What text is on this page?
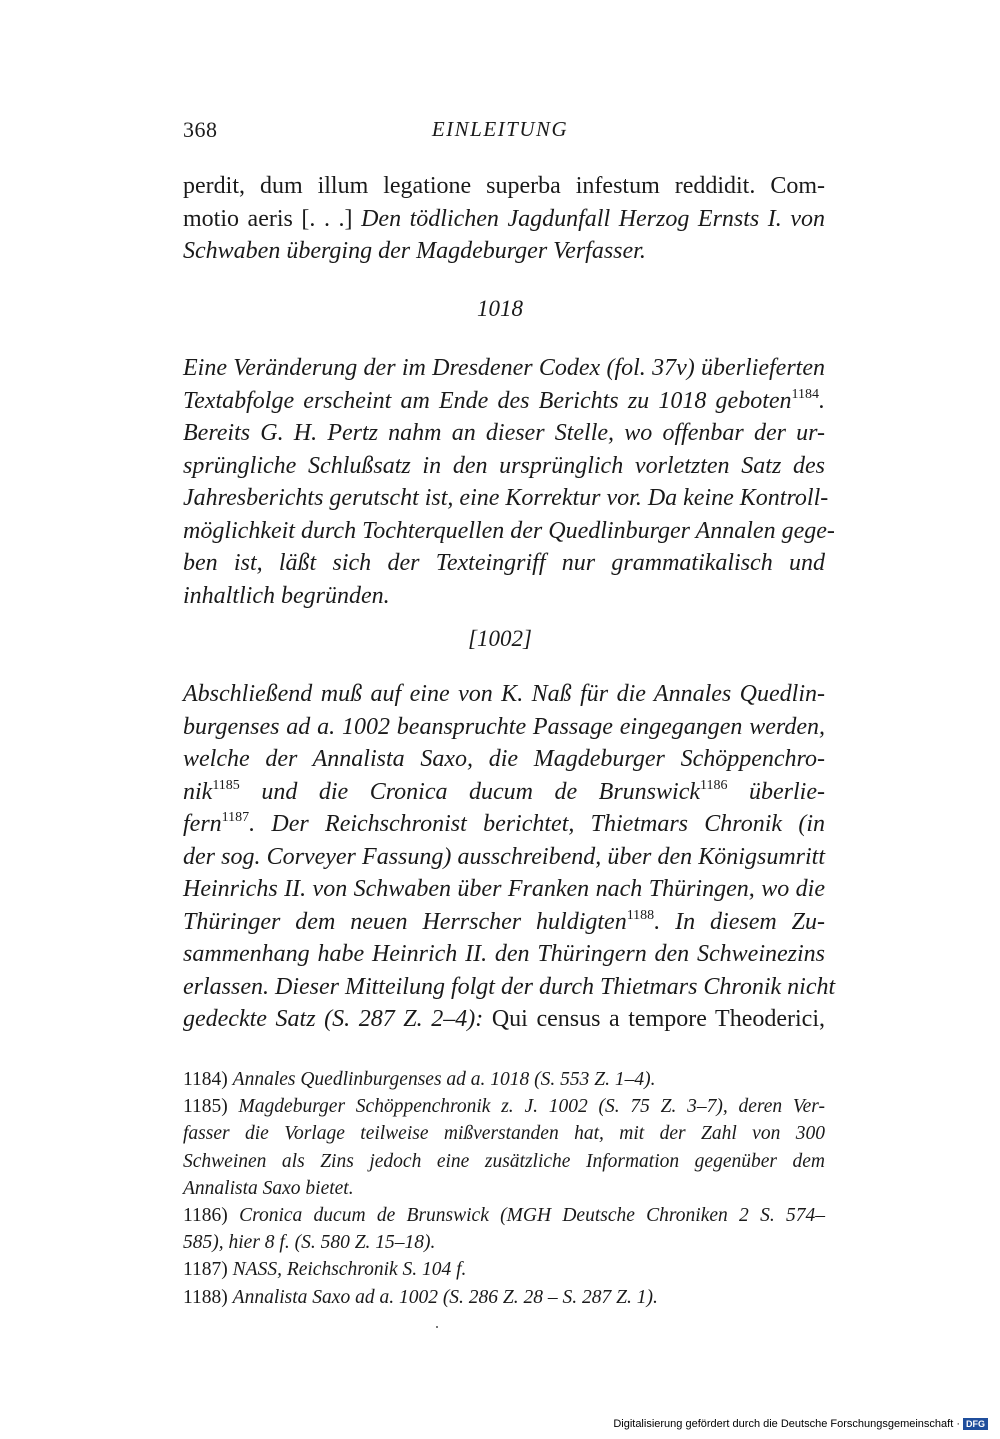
368	EINLEITUNG
perdit, dum illum legatione superba infestum reddidit. Com-
motio aeris [. . .] Den tödlichen Jagdunfall Herzog Ernsts I. von
Schwaben überging der Magdeburger Verfasser.
1018
Eine Veränderung der im Dresdener Codex (fol. 37v) überlieferten
Textabfolge erscheint am Ende des Berichts zu 1018 geboten$^{1184}$.
Bereits G. H. Pertz nahm an dieser Stelle, wo offenbar der ur-
sprüngliche Schlußsatz in den ursprünglich vorletzten Satz des
Jahresberichts gerutscht ist, eine Korrektur vor. Da keine Kontroll-
möglichkeit durch Tochterquellen der Quedlinburger Annalen gege-
ben ist, läßt sich der Texteingriff nur grammatikalisch und
inhaltlich begründen.
[1002]
Abschließend muß auf eine von K. Naß für die Annales Quedlin-
burgenses ad a. 1002 beanspruchte Passage eingegangen werden,
welche der Annalista Saxo, die Magdeburger Schöppenchro-
nik$^{1185}$ und die Cronica ducum de Brunswick$^{1186}$ überlie-
fern$^{1187}$. Der Reichschronist berichtet, Thietmars Chronik (in
der sog. Corveyer Fassung) ausschreibend, über den Königsumritt
Heinrichs II. von Schwaben über Franken nach Thüringen, wo die
Thüringer dem neuen Herrscher huldigten$^{1188}$. In diesem Zu-
sammenhang habe Heinrich II. den Thüringern den Schweinezins
erlassen. Dieser Mitteilung folgt der durch Thietmars Chronik nicht
gedeckte Satz (S. 287 Z. 2–4): Qui census a tempore Theoderici,
1184) Annales Quedlinburgenses ad a. 1018 (S. 553 Z. 1–4).
1185) Magdeburger Schöppenchronik z. J. 1002 (S. 75 Z. 3–7), deren Ver-
fasser die Vorlage teilweise mißverstanden hat, mit der Zahl von 300
Schweinen als Zins jedoch eine zusätzliche Information gegenüber dem
Annalista Saxo bietet.
1186) Cronica ducum de Brunswick (MGH Deutsche Chroniken 2 S. 574–
585), hier 8 f. (S. 580 Z. 15–18).
1187) NASS, Reichschronik S. 104 f.
1188) Annalista Saxo ad a. 1002 (S. 286 Z. 28 – S. 287 Z. 1).
Digitalisierung gefördert durch die Deutsche Forschungsgemeinschaft · DFG
